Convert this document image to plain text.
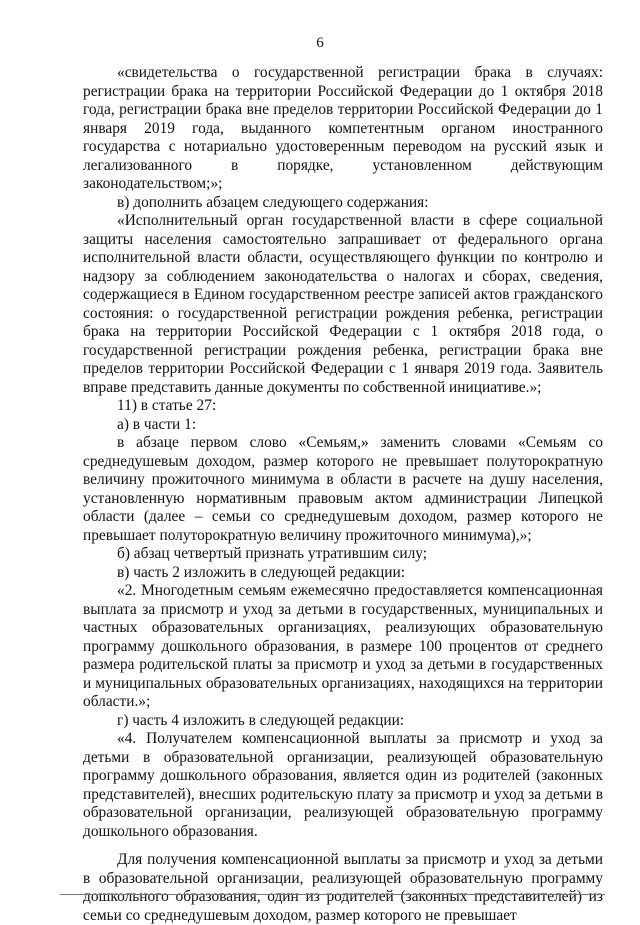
6

«свидетельства о государственной регистрации брака в случаях: регистрации брака на территории Российской Федерации до 1 октября 2018 года, регистрации брака вне пределов территории Российской Федерации до 1 января 2019 года, выданного компетентным органом иностранного государства с нотариально удостоверенным переводом на русский язык и легализованного в порядке, установленном действующим законодательством;»;

в) дополнить абзацем следующего содержания:

«Исполнительный орган государственной власти в сфере социальной защиты населения самостоятельно запрашивает от федерального органа исполнительной власти области, осуществляющего функции по контролю и надзору за соблюдением законодательства о налогах и сборах, сведения, содержащиеся в Едином государственном реестре записей актов гражданского состояния: о государственной регистрации рождения ребенка, регистрации брака на территории Российской Федерации с 1 октября 2018 года, о государственной регистрации рождения ребенка, регистрации брака вне пределов территории Российской Федерации с 1 января 2019 года. Заявитель вправе представить данные документы по собственной инициативе.»;

11) в статье 27:

а) в части 1:

в абзаце первом слово «Семьям,» заменить словами «Семьям со среднедушевым доходом, размер которого не превышает полуторократную величину прожиточного минимума в области в расчете на душу населения, установленную нормативным правовым актом администрации Липецкой области (далее – семьи со среднедушевым доходом, размер которого не превышает полуторократную величину прожиточного минимума),»;

б) абзац четвертый признать утратившим силу;

в) часть 2 изложить в следующей редакции:

«2. Многодетным семьям ежемесячно предоставляется компенсационная выплата за присмотр и уход за детьми в государственных, муниципальных и частных образовательных организациях, реализующих образовательную программу дошкольного образования, в размере 100 процентов от среднего размера родительской платы за присмотр и уход за детьми в государственных и муниципальных образовательных организациях, находящихся на территории области.»;

г) часть 4 изложить в следующей редакции:

«4. Получателем компенсационной выплаты за присмотр и уход за детьми в образовательной организации, реализующей образовательную программу дошкольного образования, является один из родителей (законных представителей), внесших родительскую плату за присмотр и уход за детьми в образовательной организации, реализующей образовательную программу дошкольного образования.

Для получения компенсационной выплаты за присмотр и уход за детьми в образовательной организации, реализующей образовательную программу дошкольного образования, один из родителей (законных представителей) из семьи со среднедушевым доходом, размер которого не превышает
